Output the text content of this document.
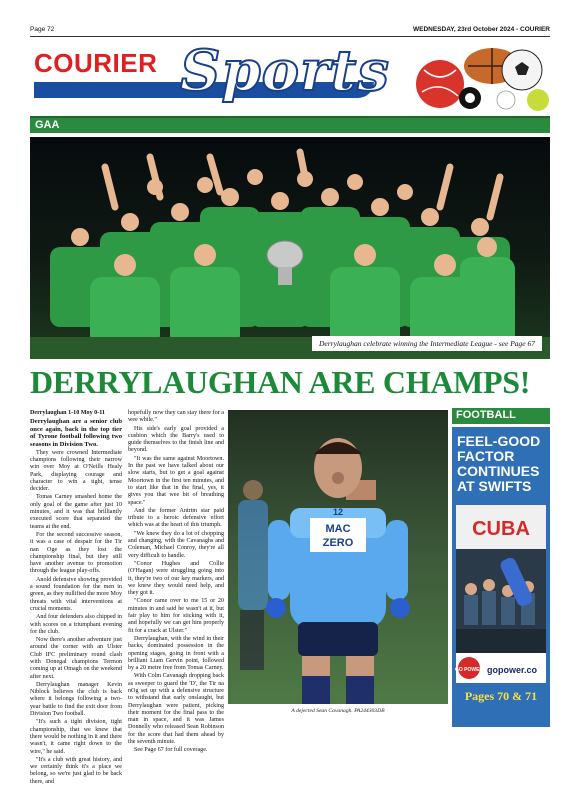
Page 72	WEDNESDAY, 23rd October 2024 - COURIER
COURIER Sports
GAA
Derrylaughan celebrate winning the Intermediate League - see Page 67
DERRYLAUGHAN ARE CHAMPS!

Derrylaughan 1-10 Moy 0-11

Derrylaughan are a senior club once again, back in the top tier of Tyrone football following two seasons in Division Two.

They were crowned Intermediate champions following their narrow win over Moy at O'Neills Healy Park, displaying courage and character to win a tight, tense decider.

Tomas Carney smashed home the only goal of the game after just 10 minutes, and it was that brilliantly executed score that separated the teams at the end.

For the second successive season, it was a case of despair for the Tir nan Oge as they lost the championship final, but they still have another avenue to promotion through the league play-offs.

Anold defensive showing provided a sound foundation for the men in green, as they nullified the more Moy threats with vital interventions at crucial moments.

And four defenders also chipped in with scores on a triumphant evening for the club.

Now there's another adventure just around the corner with an Ulster Club IFC preliminary round clash with Donegal champions Termon coming up at Omagh on the weekend after next.

Derrylaughan manager Kevin Niblock believes the club is back where it belongs following a two-year battle to find the exit door from Division Two football.

"It's such a tight division, tight championship, that we knew that there would be nothing in it and there wasn't, it came right down to the wire," he said.

"It's a club with great history, and we certainly think it's a place we belong, so we're just glad to be back there, and

hopefully now they can stay there for a wee while."

His side's early goal provided a cushion which the Barry's used to guide themselves to the finish line and beyond.

"It was the same against Moortown. In the past we have talked about our slow starts, but to get a goal against Moortown in the first ten minutes, and to start like that in the final, yes, it gives you that wee bit of breathing space."

And the former Antrim star paid tribute to a heroic defensive effort which was at the heart of this triumph.

"We knew they do a lot of chopping and changing, with the Cavanaghs and Coleman, Michael Conroy, they're all very difficult to handle.

"Conor Hughes and Collie (O'Hagan) were struggling going into it, they're two of our key markers, and we knew they would need help, and they got it.

"Conor came over to me 15 or 20 minutes in and said he wasn't at it, but fair play to him for sticking with it, and hopefully we can get him properly fit for a crack at Ulster."

Derrylaughan, with the wind in their backs, dominated possession in the opening stages, going in front with a brilliant Liam Gervin point, followed by a 20 metre free from Tomas Carney.

With Colm Cavanagh dropping back as sweeper to guard the 'D', the Tir na nOg set up with a defensive structure to withstand that early onslaught, but Derrylaughan were patient, picking their moment for the final pass to the man in space, and it was James Donnelly who released Sean Robinson for the score that had them ahead by the seventh minute.

See Page 67 for full coverage.

MAC
ZERO
12
A dejected Sean Cavanagh. PA244303DB
FOOTBALL
FEEL-GOOD FACTOR CONTINUES AT SWIFTS
CUBA
gopower.co
GO POWER
Pages 70 & 71
